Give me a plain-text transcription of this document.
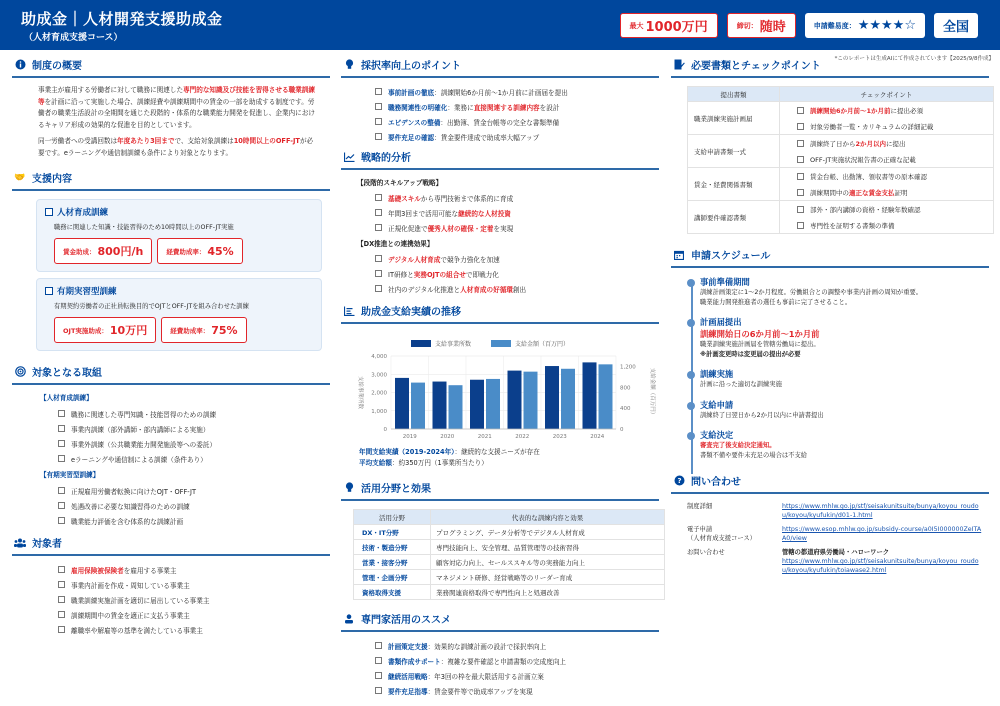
助成金｜人材開発支援助成金
（人材育成支援コース）
最大 1000万円	締切： 随時	申請難易度： ★★★★☆ 全国
*このレポートは生成AIにて作成されています【2025/9/8作成】
制度の概要
事業主が雇用する労働者に対して職務に関連した専門的な知識及び技能を習得させる職業訓練等を計画に沿って実施した場合、訓練経費や訓練期間中の賃金の一部を助成する制度です。労働者の職業生活設計の全期間を通じた段階的・体系的な職業能力開発を促進し、企業内におけるキャリア形成の効果的な促進を目的としています。
同一労働者への受講回数は年度あたり3回までで、支給対象訓練は10時間以上のOFF-JTが必要です。eラーニングや通信制訓練も条件により対象となります。
🤝 支援内容
人材育成訓練
職務に関連した知識・技能習得のため10時間以上のOFF-JT実施
賃金助成： 800円/h	経費助成率： 45%
有期実習型訓練
有期契約労働者の正社員転換目的でOJTとOFF-JTを組み合わせた訓練
OJT実施助成： 10万円	経費助成率： 75%
対象となる取組
【人材育成訓練】
職務に関連した専門知識・技能習得のための訓練
事業内訓練（部外講師・部内講師による実施）
事業外訓練（公共職業能力開発施設等への委託）
eラーニングや通信制による訓練（条件あり）
【有期実習型訓練】
正規雇用労働者転換に向けたOJT・OFF-JT
処遇改善に必要な知識習得のための訓練
職業能力評価を含む体系的な訓練計画
対象者
雇用保険被保険者を雇用する事業主
事業内計画を作成・周知している事業主
職業訓練実施計画を適切に届出している事業主
訓練期間中の賃金を適正に支払う事業主
離職率や解雇等の基準を満たしている事業主
採択率向上のポイント
事前計画の徹底：訓練開始6か月前〜1か月前に計画届を提出
職務関連性の明確化：業務に直接関連する訓練内容を設計
エビデンスの整備：出勤簿、賃金台帳等の完全な書類準備
要件充足の確認：賃金要件達成で助成率大幅アップ
戦略的分析
【段階的スキルアップ戦略】
基礎スキルから専門技術まで体系的に育成
年間3回まで活用可能な継続的な人材投資
正規化促進で優秀人材の確保・定着を実現
【DX推進との連携効果】
デジタル人材育成で競争力強化を加速
IT研修と実務OJTの組合せで即戦力化
社内のデジタル化推進と人材育成の好循環創出
助成金支給実績の推移
支給事業所数	支給金額（百万円）
0
1,000
2,000
3,000
4,000
0
400
800
1,200
2019	2020	2021	2022	2023	2024
支給事業所数	支給金額（百万円）
年間支給実績（2019-2024年）：継続的な支援ニーズが存在
平均支給額：約350万円（1事業所当たり）
活用分野と効果
活用分野	代表的な訓練内容と効果
DX・IT分野	プログラミング、データ分析等でデジタル人材育成
技術・製造分野	専門技能向上、安全管理、品質管理等の技術習得
営業・接客分野	顧客対応力向上、セールススキル等の実務能力向上
管理・企画分野	マネジメント研修、経営戦略等のリーダー育成
資格取得支援	業務関連資格取得で専門性向上と処遇改善
専門家活用のススメ
計画策定支援：効果的な訓練計画の設計で採択率向上
書類作成サポート：複雑な要件確認と申請書類の完成度向上
継続活用戦略：年3回の枠を最大限活用する計画立案
要件充足指導：賃金要件等で助成率アップを実現
必要書類とチェックポイント
提出書類	チェックポイント
職業訓練実施計画届	訓練開始6か月前〜1か月前に提出必須
対象労働者一覧・カリキュラムの詳細記載

支給申請書類一式	訓練終了日から2か月以内に提出
OFF-JT実施状況報告書の正確な記載

賃金・経費関係書類	賃金台帳、出勤簿、領収書等の原本確認
訓練期間中の適正な賃金支払証明

講師要件確認書類	部外・部内講師の資格・経験年数確認
専門性を証明する書類の準備
申請スケジュール
事前準備期間
訓練計画策定に1〜2か月程度。労働組合との調整や事業内計画の周知が重要。
職業能力開発推進者の選任も事前に完了させること。
計画届提出
訓練開始日の6か月前〜1か月前
職業訓練実施計画届を管轄労働局に提出。
※計画変更時は変更届の提出が必要
訓練実施
計画に沿った適切な訓練実施
支給申請
訓練終了日翌日から2か月以内に申請書提出
支給決定
審査完了後支給決定通知。
書類不備や要件未充足の場合は不支給
? 問い合わせ
制度詳細	https://www.mhlw.go.jp/stf/seisakunitsuite/bunya/koyou_roudou/koyou/kyufukin/d01-1.html

電子申請
（人材育成支援コース）	https://www.esop.mhlw.go.jp/subsidy-course/a0I5I000000ZeITAA0/view
お問い合わせ	管轄の都道府県労働局・ハローワーク
https://www.mhlw.go.jp/stf/seisakunitsuite/bunya/koyou_roudou/koyou/kyufukin/toiawase2.html
